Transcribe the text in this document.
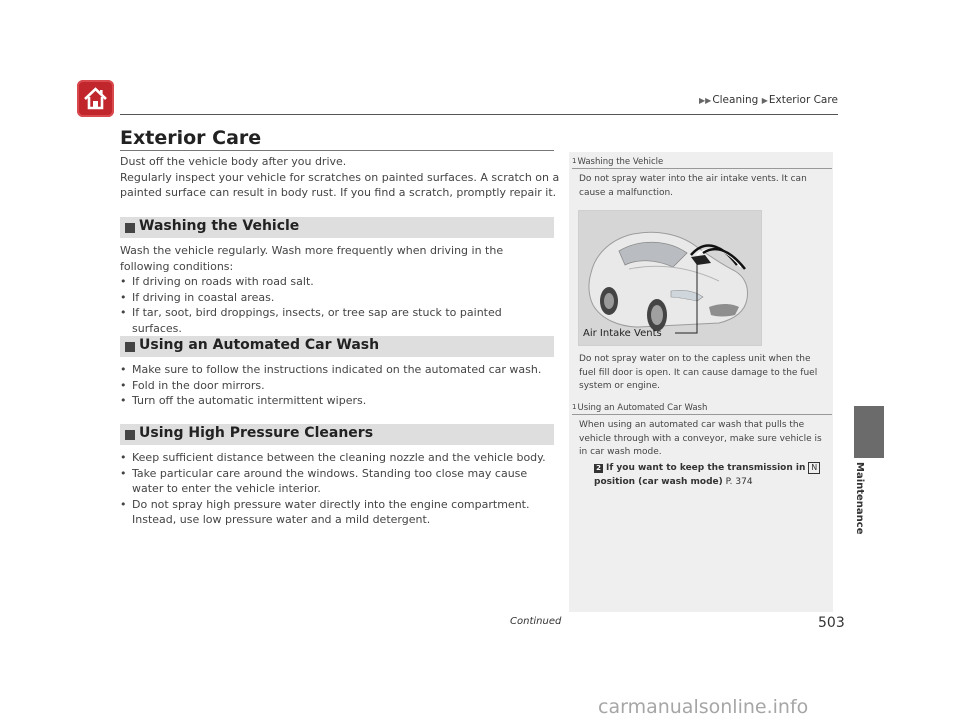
▶▶Cleaning ▶Exterior Care
Exterior Care
Dust off the vehicle body after you drive.
Regularly inspect your vehicle for scratches on painted surfaces. A scratch on a painted surface can result in body rust. If you find a scratch, promptly repair it.
Washing the Vehicle
Wash the vehicle regularly. Wash more frequently when driving in the following conditions:
• If driving on roads with road salt.
• If driving in coastal areas.
• If tar, soot, bird droppings, insects, or tree sap are stuck to painted surfaces.
Using an Automated Car Wash
• Make sure to follow the instructions indicated on the automated car wash.
• Fold in the door mirrors.
• Turn off the automatic intermittent wipers.
Using High Pressure Cleaners
• Keep sufficient distance between the cleaning nozzle and the vehicle body.
• Take particular care around the windows. Standing too close may cause water to enter the vehicle interior.
• Do not spray high pressure water directly into the engine compartment. Instead, use low pressure water and a mild detergent.
$^1$Washing the Vehicle
Do not spray water into the air intake vents. It can cause a malfunction.
Air Intake Vents
Do not spray water on to the capless unit when the fuel fill door is open. It can cause damage to the fuel system or engine.
$^1$Using an Automated Car Wash
When using an automated car wash that pulls the vehicle through with a conveyor, make sure vehicle is in car wash mode.
2 If you want to keep the transmission in N
position (car wash mode) P. 374	Maintenance
Continued	503
carmanualsonline.info
